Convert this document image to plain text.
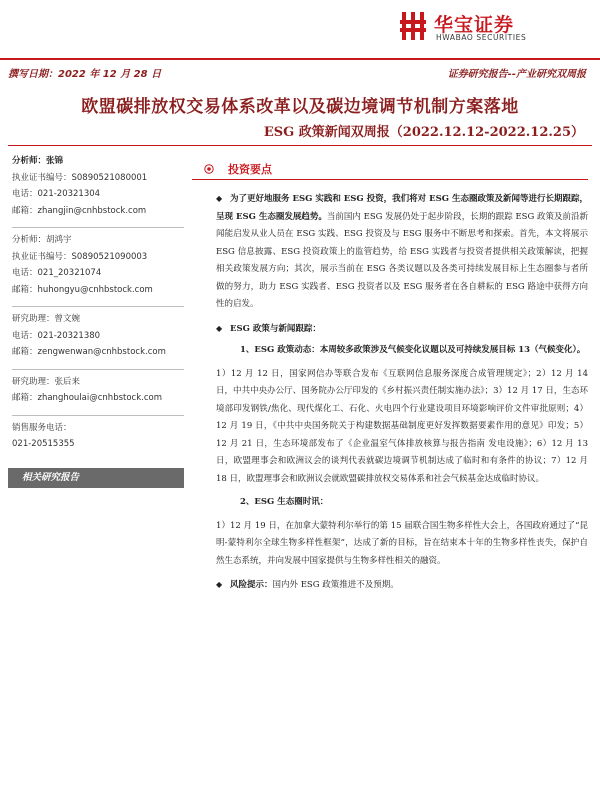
华宝证券
HWABAO SECURITIES
撰写日期：2022 年 12 月 28 日	证券研究报告--产业研究双周报
欧盟碳排放权交易体系改革以及碳边境调节机制方案落地
ESG 政策新闻双周报（2022.12.12-2022.12.25）
分析师：张锦
执业证书编号：S0890521080001
电话：021-20321304
邮箱：zhangjin@cnhbstock.com
分析师：胡鸿宇
执业证书编号：S0890521090003
电话：021_20321074
邮箱：huhongyu@cnhbstock.com
研究助理：曾文婉
电话：021-20321380
邮箱：zengwenwan@cnhbstock.com
研究助理：张后来
邮箱：zhanghoulai@cnhbstock.com
销售服务电话：
021-20515355
相关研究报告
投资要点
◆ 为了更好地服务 ESG 实践和 ESG 投资，我们将对 ESG 生态圈政策及新闻等进行长期跟踪，呈现 ESG 生态圈发展趋势。当前国内 ESG 发展仍处于起步阶段，长期的跟踪 ESG 政策及前沿新闻能启发从业人员在 ESG 实践、ESG 投资及与 ESG 服务中不断思考和探索。首先，本文将展示 ESG 信息披露、ESG 投资政策上的监管趋势，给 ESG 实践者与投资者提供相关政策解读，把握相关政策发展方向；其次，展示当前在 ESG 各类议题以及各类可持续发展目标上生态圈参与者所做的努力，助力 ESG 实践者、ESG 投资者以及 ESG 服务者在各自耕耘的 ESG 路途中获得方向性的启发。
◆ ESG 政策与新闻跟踪：
1、ESG 政策动态：本周较多政策涉及气候变化议题以及可持续发展目标 13（气候变化）。
1）12 月 12 日，国家网信办等联合发布《互联网信息服务深度合成管理规定》；2）12 月 14 日，中共中央办公厅、国务院办公厅印发的《乡村振兴责任制实施办法》；3）12 月 17 日，生态环境部印发钢铁/焦化、现代煤化工、石化、火电四个行业建设项目环境影响评价文件审批原则；4）12 月 19 日，《中共中央国务院关于构建数据基础制度更好发挥数据要素作用的意见》印发；5）12 月 21 日，生态环境部发布了《企业温室气体排放核算与报告指南 发电设施》；6）12 月 13 日，欧盟理事会和欧洲议会的谈判代表就碳边境调节机制达成了临时和有条件的协议；7）12 月 18 日，欧盟理事会和欧洲议会就欧盟碳排放权交易体系和社会气候基金达成临时协议。
2、ESG 生态圈时讯：
1）12 月 19 日，在加拿大蒙特利尔举行的第 15 届联合国生物多样性大会上，各国政府通过了“昆明-蒙特利尔全球生物多样性框架”，达成了新的目标，旨在结束本十年的生物多样性丧失，保护自然生态系统，并向发展中国家提供与生物多样性相关的融资。
◆ 风险提示：国内外 ESG 政策推进不及预期。
